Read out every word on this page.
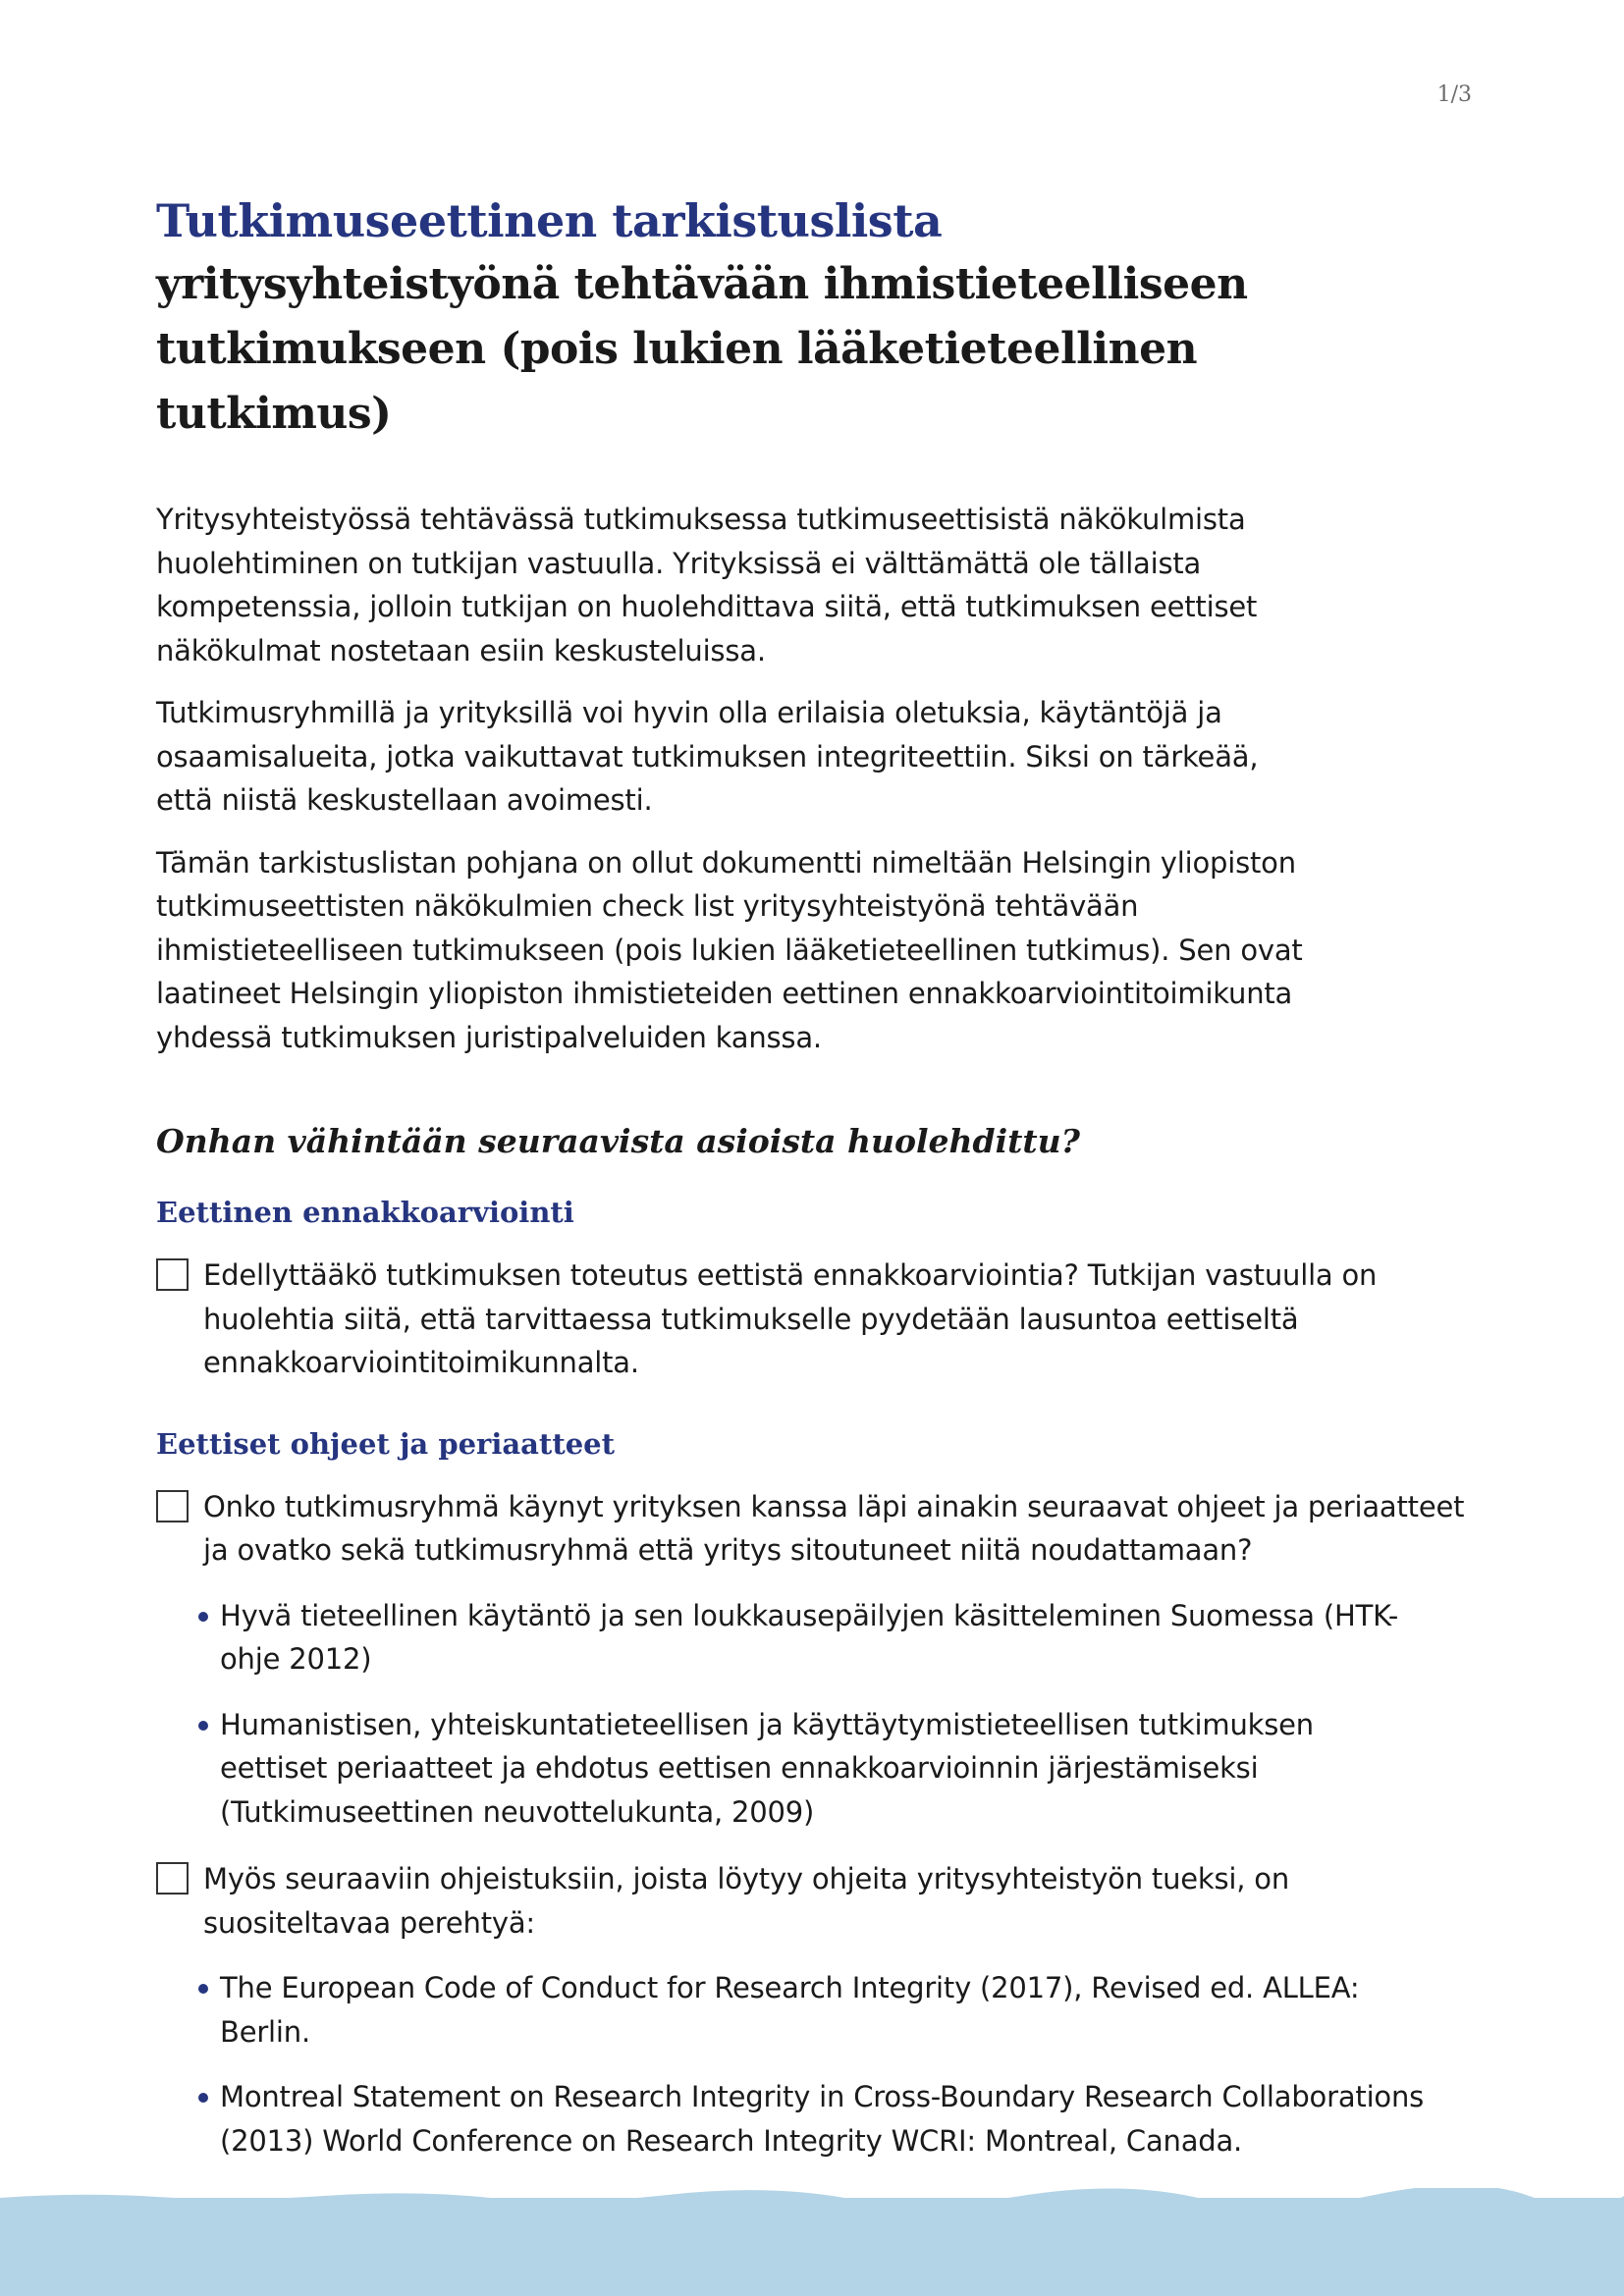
1/3
Tutkimuseettinen tarkistuslista
yritysyhteistyönä tehtävään ihmistieteelliseen tutkimukseen (pois lukien lääketieteellinen tutkimus)

Yritysyhteistyössä tehtävässä tutkimuksessa tutkimuseettisistä näkökulmista huolehtiminen on tutkijan vastuulla. Yrityksissä ei välttämättä ole tällaista kompetenssia, jolloin tutkijan on huolehdittava siitä, että tutkimuksen eettiset näkökulmat nostetaan esiin keskusteluissa.

Tutkimusryhmillä ja yrityksillä voi hyvin olla erilaisia oletuksia, käytäntöjä ja osaamisalueita, jotka vaikuttavat tutkimuksen integriteettiin. Siksi on tärkeää, että niistä keskustellaan avoimesti.

Tämän tarkistuslistan pohjana on ollut dokumentti nimeltään Helsingin yliopiston tutkimuseettisten näkökulmien check list yritysyhteistyönä tehtävään ihmistieteelliseen tutkimukseen (pois lukien lääketieteellinen tutkimus). Sen ovat laatineet Helsingin yliopiston ihmistieteiden eettinen ennakkoarviointitoimikunta yhdessä tutkimuksen juristipalveluiden kanssa.

Onhan vähintään seuraavista asioista huolehdittu?
Eettinen ennakkoarviointi
Edellyttääkö tutkimuksen toteutus eettistä ennakkoarviointia? Tutkijan vastuulla on huolehtia siitä, että tarvittaessa tutkimukselle pyydetään lausuntoa eettiseltä ennakkoarviointitoimikunnalta.
Eettiset ohjeet ja periaatteet
Onko tutkimusryhmä käynyt yrityksen kanssa läpi ainakin seuraavat ohjeet ja periaatteet ja ovatko sekä tutkimusryhmä että yritys sitoutuneet niitä noudattamaan?
Hyvä tieteellinen käytäntö ja sen loukkausepäilyjen käsitteleminen Suomessa (HTK-ohje 2012)
Humanistisen, yhteiskuntatieteellisen ja käyttäytymistieteellisen tutkimuksen eettiset periaatteet ja ehdotus eettisen ennakkoarvioinnin järjestämiseksi (Tutkimuseettinen neuvottelukunta, 2009)
Myös seuraaviin ohjeistuksiin, joista löytyy ohjeita yritysyhteistyön tueksi, on suositeltavaa perehtyä:
The European Code of Conduct for Research Integrity (2017), Revised ed. ALLEA: Berlin.
Montreal Statement on Research Integrity in Cross-Boundary Research Collaborations (2013) World Conference on Research Integrity WCRI: Montreal, Canada.
